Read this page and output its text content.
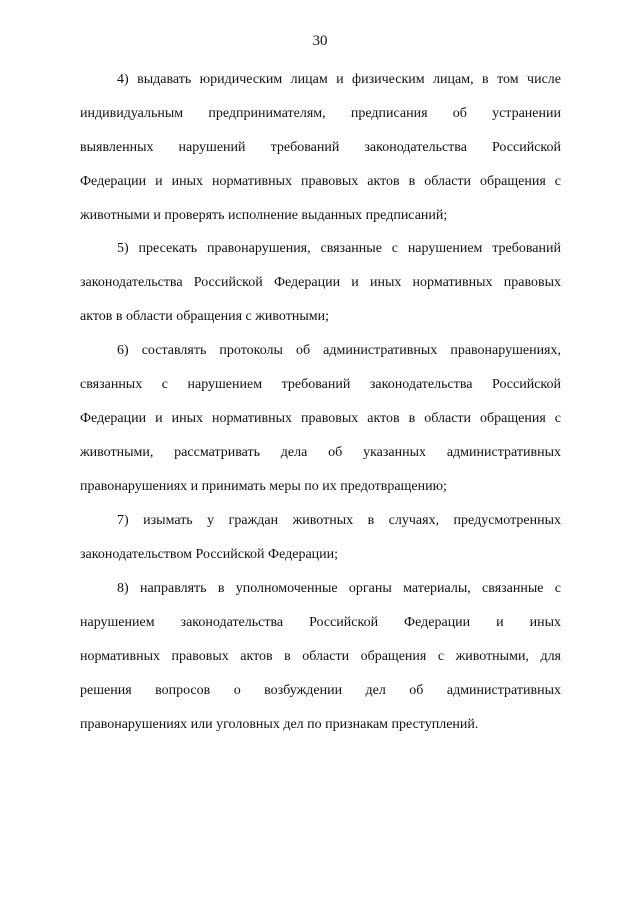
30
4) выдавать юридическим лицам и физическим лицам, в том числе
индивидуальным предпринимателям, предписания об устранении
выявленных нарушений требований законодательства Российской
Федерации и иных нормативных правовых актов в области обращения с
животными и проверять исполнение выданных предписаний;
5) пресекать правонарушения, связанные с нарушением требований
законодательства Российской Федерации и иных нормативных правовых
актов в области обращения с животными;
6) составлять протоколы об административных правонарушениях,
связанных с нарушением требований законодательства Российской
Федерации и иных нормативных правовых актов в области обращения с
животными, рассматривать дела об указанных административных
правонарушениях и принимать меры по их предотвращению;
7) изымать у граждан животных в случаях, предусмотренных
законодательством Российской Федерации;
8) направлять в уполномоченные органы материалы, связанные с
нарушением законодательства Российской Федерации и иных
нормативных правовых актов в области обращения с животными, для
решения вопросов о возбуждении дел об административных
правонарушениях или уголовных дел по признакам преступлений.
